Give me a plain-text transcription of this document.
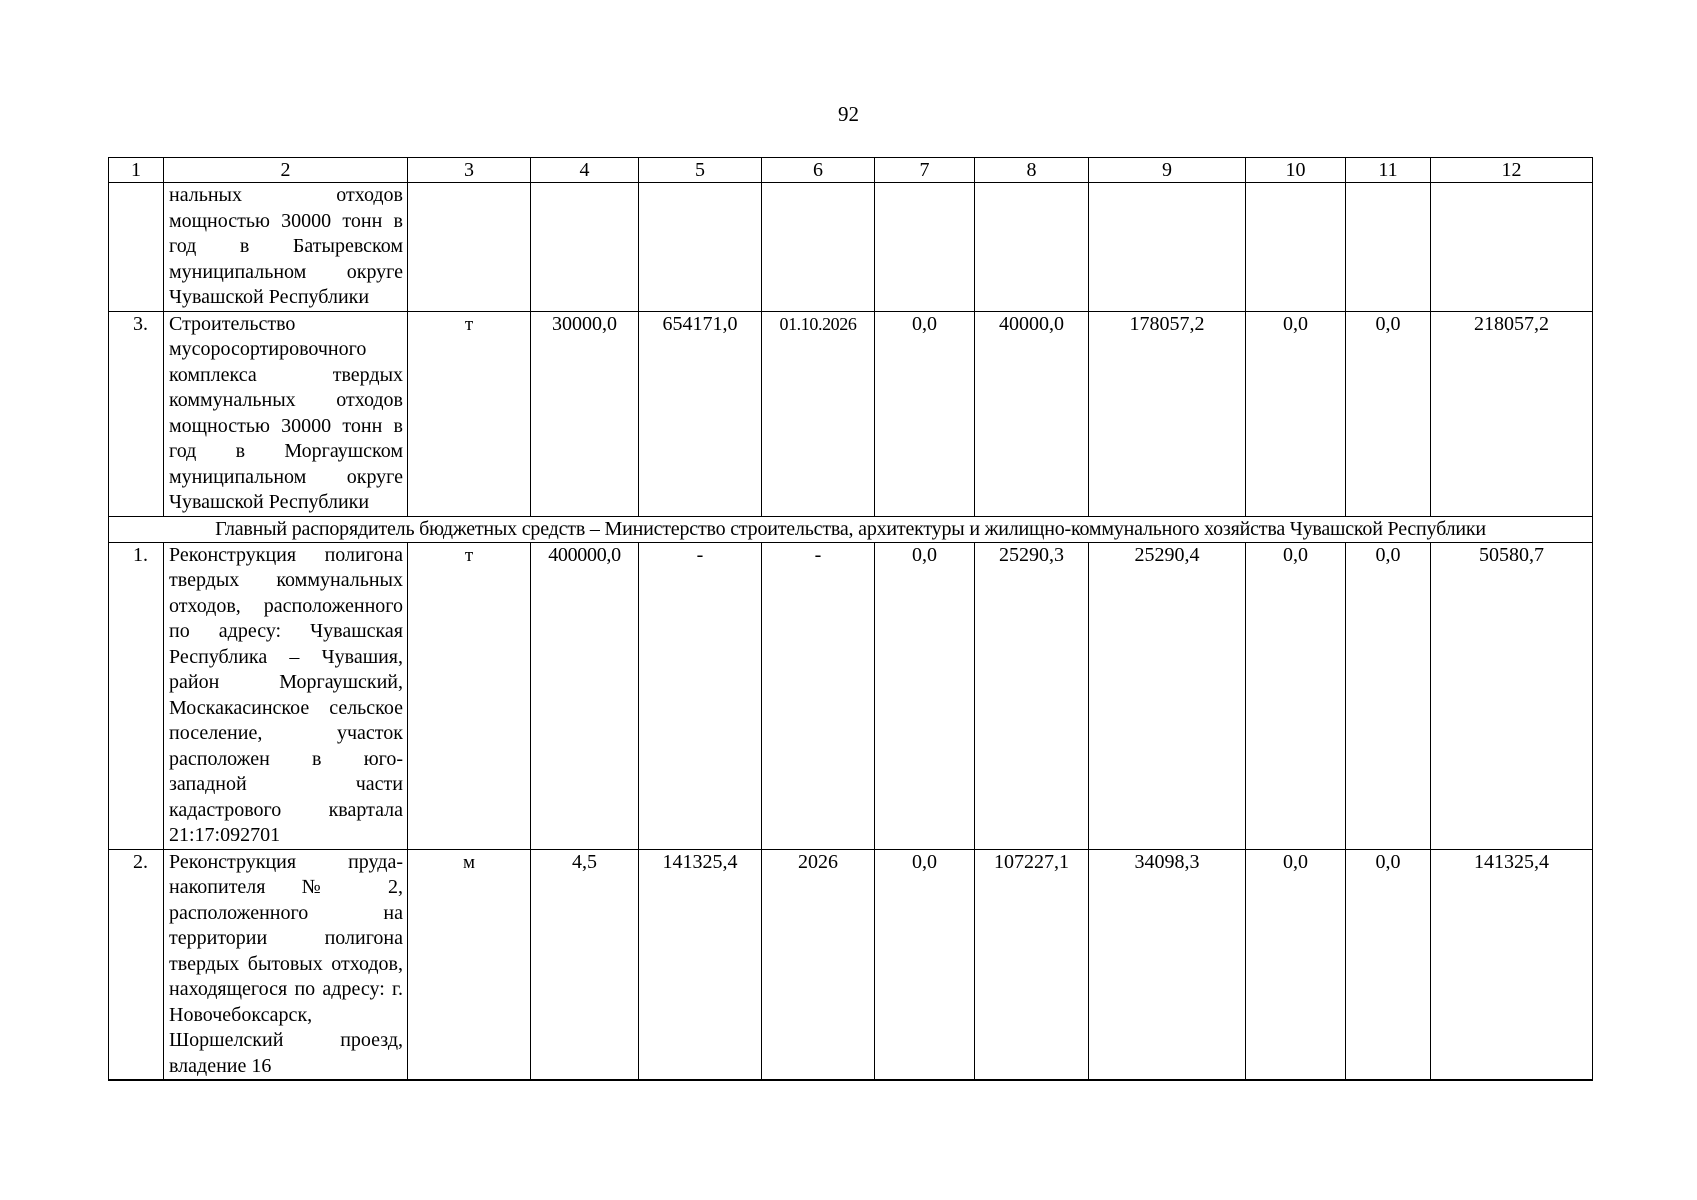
92
1	2	3	4	5	6	7	8	9	10	11	12
	нальных отходов мощностью 30000 тонн в год в Батыревском муниципальном округе Чувашской Республики										
3.	Строительство мусоросортировочного комплекса твердых коммунальных отходов мощностью 30000 тонн в год в Моргаушском муниципальном округе Чувашской Республики	т	30000,0	654171,0	01.10.2026	0,0	40000,0	178057,2	0,0	0,0	218057,2
Главный распорядитель бюджетных средств – Министерство строительства, архитектуры и жилищно-коммунального хозяйства Чувашской Республики											
1.	Реконструкция полигона твердых коммунальных отходов, расположенного по адресу: Чувашская Республика – Чувашия, район Моргаушский, Москакасинское сельское поселение, участок расположен в юго-западной части кадастрового квартала 21:17:092701	т	400000,0	-	-	0,0	25290,3	25290,4	0,0	0,0	50580,7
2.	Реконструкция пруда-накопителя № 2, расположенного на территории полигона твердых бытовых отходов, находящегося по адресу: г. Новочебоксарск, Шоршелский проезд, владение 16	м	4,5	141325,4	2026	0,0	107227,1	34098,3	0,0	0,0	141325,4
